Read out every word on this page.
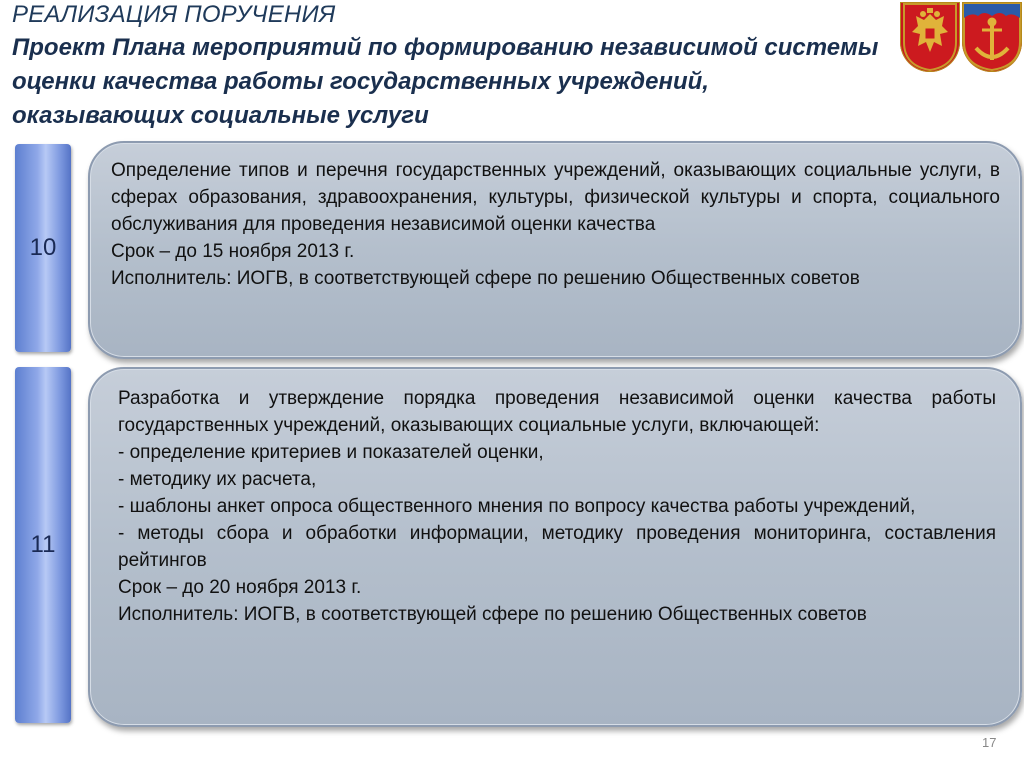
РЕАЛИЗАЦИЯ ПОРУЧЕНИЯ
Проект Плана мероприятий по формированию независимой системы оценки качества работы государственных учреждений, оказывающих социальные услуги
10

Определение типов и перечня государственных учреждений, оказывающих социальные услуги, в сферах образования, здравоохранения, культуры, физической культуры и спорта, социального обслуживания для проведения независимой оценки качества

Срок – до 15 ноября 2013 г.

Исполнитель: ИОГВ, в соответствующей сфере по решению Общественных советов

11

Разработка и утверждение порядка проведения независимой оценки качества работы государственных учреждений, оказывающих социальные услуги, включающей:

- определение критериев и показателей оценки,

- методику их расчета,

- шаблоны анкет опроса общественного мнения по вопросу качества работы учреждений,

- методы сбора и обработки информации, методику проведения мониторинга, составления рейтингов

Срок – до 20 ноября 2013 г.

Исполнитель: ИОГВ, в соответствующей сфере по решению Общественных советов

17
